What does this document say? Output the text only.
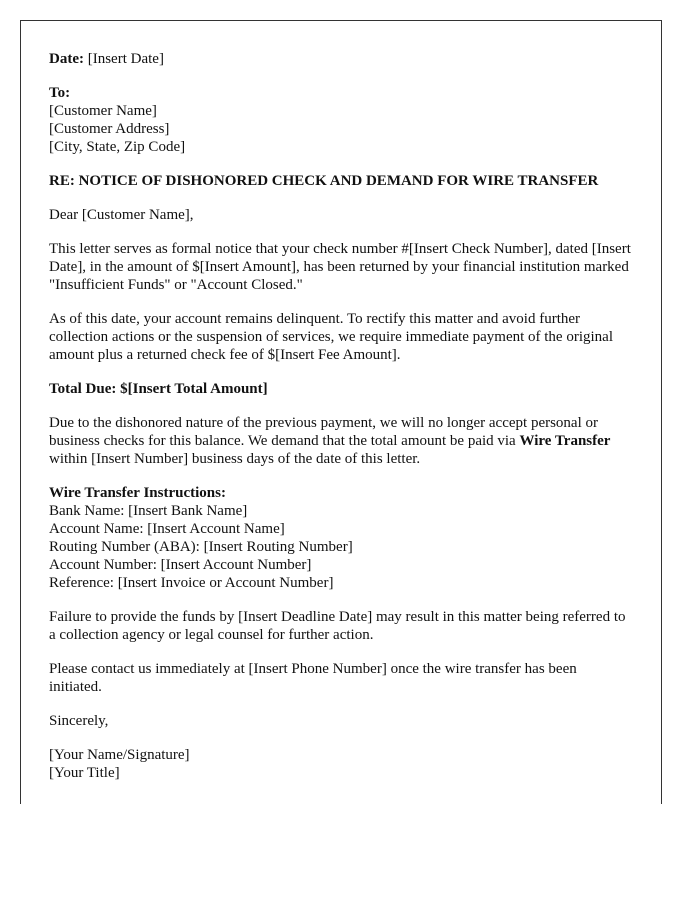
Date: [Insert Date]

To:
[Customer Name]
[Customer Address]
[City, State, Zip Code]

RE: NOTICE OF DISHONORED CHECK AND DEMAND FOR WIRE TRANSFER

Dear [Customer Name],

This letter serves as formal notice that your check number #[Insert Check Number], dated [Insert Date], in the amount of $[Insert Amount], has been returned by your financial institution marked "Insufficient Funds" or "Account Closed."

As of this date, your account remains delinquent. To rectify this matter and avoid further collection actions or the suspension of services, we require immediate payment of the original amount plus a returned check fee of $[Insert Fee Amount].

Total Due: $[Insert Total Amount]

Due to the dishonored nature of the previous payment, we will no longer accept personal or business checks for this balance. We demand that the total amount be paid via Wire Transfer within [Insert Number] business days of the date of this letter.

Wire Transfer Instructions:
Bank Name: [Insert Bank Name]
Account Name: [Insert Account Name]
Routing Number (ABA): [Insert Routing Number]
Account Number: [Insert Account Number]
Reference: [Insert Invoice or Account Number]

Failure to provide the funds by [Insert Deadline Date] may result in this matter being referred to a collection agency or legal counsel for further action.

Please contact us immediately at [Insert Phone Number] once the wire transfer has been initiated.

Sincerely,

[Your Name/Signature]
[Your Title]
